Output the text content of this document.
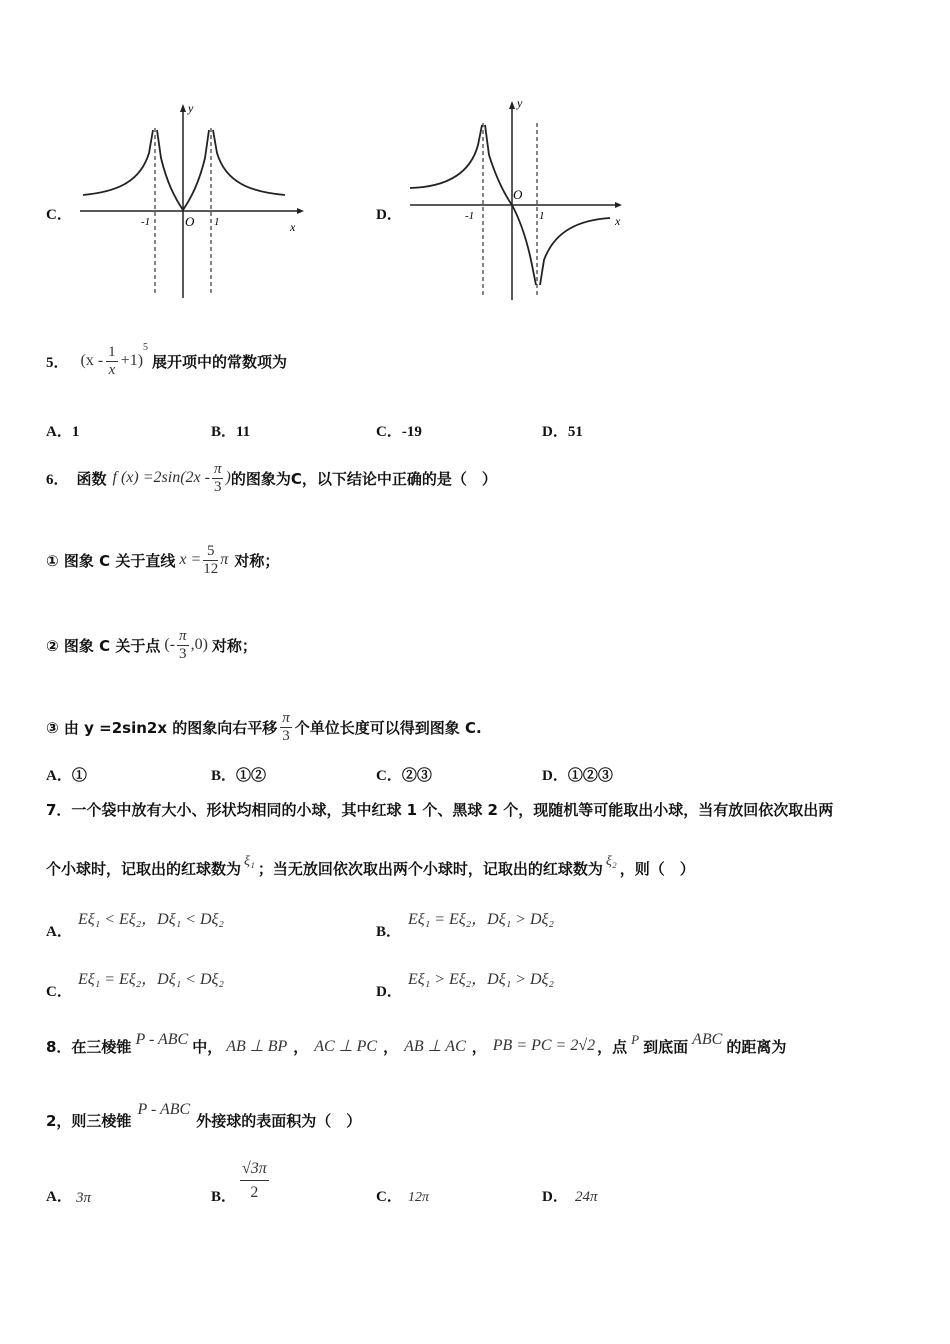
C．
y
x
O
-1	1	D．
y
x
O
-1	1
5． $(x - \frac{1}{x} +1)$
$^5$
展开项中的常数项为
A．1	B．11	C．-19	D．51
6． 函数 f $(x) =2\sin(2x - \frac{\pi}{3}$ ) 的图象为C，以下结论中正确的是（　）
① 图象 C 关于直线 $x = \frac{5}{12}$ π 对称；
② 图象 C 关于点 (- $\frac{\pi}{3} ,0$) 对称；
③ 由 y =2sin2x 的图象向右平移 $\frac{\pi}{3}$ 个单位长度可以得到图象 C.
A．①	B．①②	C．②③	D．①②③
7．一个袋中放有大小、形状均相同的小球，其中红球 1 个、黑球 2 个，现随机等可能取出小球，当有放回依次取出两
个小球时，记取出的红球数为 ξ₁ ；当无放回依次取出两个小球时，记取出的红球数为 ξ₂ ，则（　）
A．
Eξ₁ < Eξ₂，Dξ₁ < Dξ₂
B．
Eξ₁ = Eξ₂，Dξ₁ > Dξ₂
C．
Eξ₁ = Eξ₂，Dξ₁ < Dξ₂
D．
Eξ₁ > Eξ₂，Dξ₁ > Dξ₂
8．在三棱锥 P - ABC 中， AB ⊥ BP ， AC ⊥ PC ， AB ⊥ AC ， PB = PC = 2√2 ，点 P 到底面 ABC 的距离为
2，则三棱锥
P - ABC
外接球的表面积为（　）
A． 3π	B． $\frac{√3\pi}{2}$	C． 12π	D． 24π
